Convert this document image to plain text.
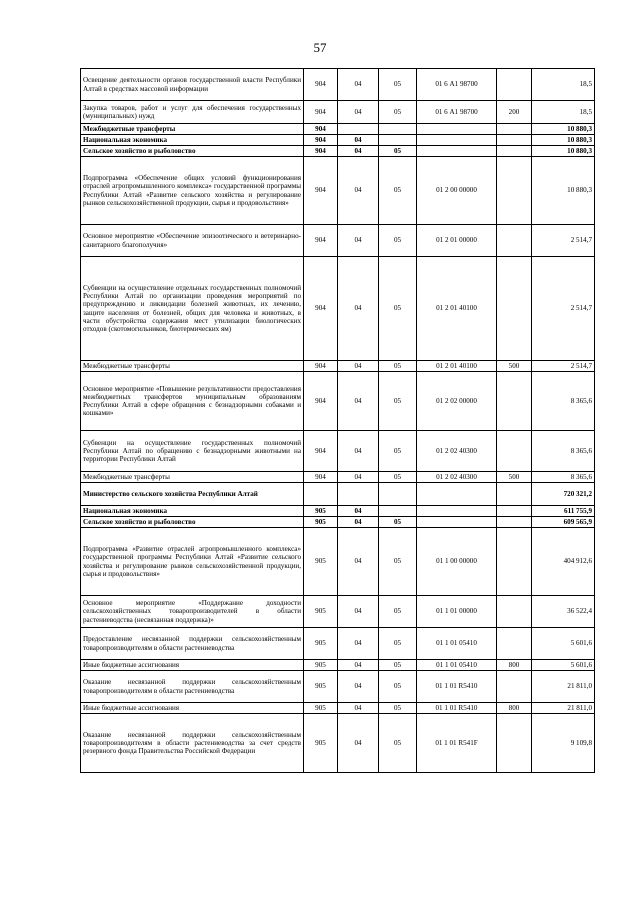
57
Освещение деятельности органов государственной власти Республики Алтай в средствах массовой информации	904	04	05	01 6 А1 98700		18,5
Закупка товаров, работ и услуг для обеспечения государственных (муниципальных) нужд	904	04	05	01 6 А1 98700	200	18,5
Межбюджетные трансферты	904					10 880,3
Национальная экономика	904	04				10 880,3
Сельское хозяйство и рыболовство	904	04	05			10 880,3
Подпрограмма «Обеспечение общих условий функционирования отраслей агропромышленного комплекса» государственной программы Республики Алтай «Развитие сельского хозяйства и регулирование рынков сельскохозяйственной продукции, сырья и продовольствия»	904	04	05	01 2 00 00000		10 880,3
Основное мероприятие «Обеспечение эпизоотического и ветеринарно-санитарного благополучия»	904	04	05	01 2 01 00000		2 514,7
Субвенции на осуществление отдельных государственных полномочий Республики Алтай по организации проведения мероприятий по предупреждению и ликвидации болезней животных, их лечению, защите населения от болезней, общих для человека и животных, в части обустройства содержания мест утилизации биологических отходов (скотомогильников, биотермических ям)	904	04	05	01 2 01 40100		2 514,7
Межбюджетные трансферты	904	04	05	01 2 01 40100	500	2 514,7
Основное мероприятие «Повышение результативности предоставления межбюджетных трансфертов муниципальным образованиям Республики Алтай в сфере обращения с безнадзорными собаками и кошками»	904	04	05	01 2 02 00000		8 365,6
Субвенции на осуществление государственных полномочий Республики Алтай по обращению с безнадзорными животными на территории Республики Алтай	904	04	05	01 2 02 40300		8 365,6
Межбюджетные трансферты	904	04	05	01 2 02 40300	500	8 365,6
Министерство сельского хозяйства Республики Алтай						720 321,2
Национальная экономика	905	04				611 755,9
Сельское хозяйство и рыболовство	905	04	05			609 565,9
Подпрограмма «Развитие отраслей агропромышленного комплекса» государственной программы Республики Алтай «Развитие сельского хозяйства и регулирование рынков сельскохозяйственной продукции, сырья и продовольствия»	905	04	05	01 1 00 00000		404 912,6
Основное мероприятие «Поддержание доходности сельскохозяйственных товаропроизводителей в области растениеводства (несвязанная поддержка)»	905	04	05	01 1 01 00000		36 522,4
Предоставление несвязанной поддержки сельскохозяйственным товаропроизводителям в области растениеводства	905	04	05	01 1 01 05410		5 601,6
Иные бюджетные ассигнования	905	04	05	01 1 01 05410	800	5 601,6
Оказание несвязанной поддержки сельскохозяйственным товаропроизводителям в области растениеводства	905	04	05	01 1 01 R5410		21 811,0
Иные бюджетные ассигнования	905	04	05	01 1 01 R5410	800	21 811,0
Оказание несвязанной поддержки сельскохозяйственным товаропроизводителям в области растениеводства за счет средств резервного фонда Правительства Российской Федерации	905	04	05	01 1 01 R541F		9 109,8
